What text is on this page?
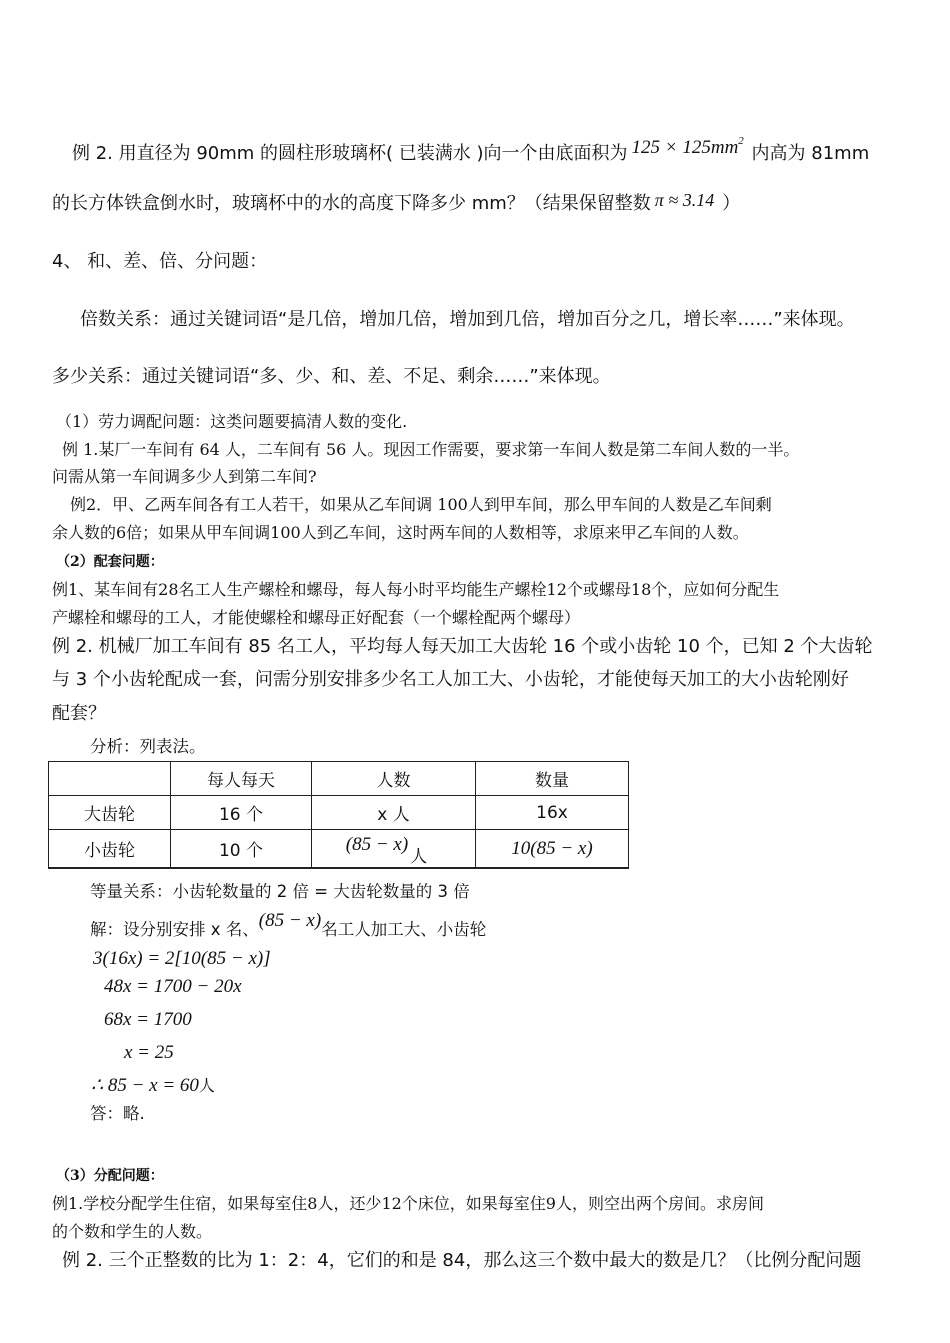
例 2. 用直径为 90mm 的圆柱形玻璃杯( 已装满水 )向一个由底面积为 $125 \times 125mm^2$ 内高为 81mm
的长方体铁盒倒水时，玻璃杯中的水的高度下降多少 mm？（结果保留整数 π ≈ 3.14 ）
4、 和、差、倍、分问题：
倍数关系：通过关键词语“是几倍，增加几倍，增加到几倍，增加百分之几，增长率……”来体现。
多少关系：通过关键词语“多、少、和、差、不足、剩余……”来体现。
（1）劳力调配问题：这类问题要搞清人数的变化.
例 1.某厂一车间有 64 人，二车间有 56 人。现因工作需要，要求第一车间人数是第二车间人数的一半。
问需从第一车间调多少人到第二车间?
例2．甲、乙两车间各有工人若干，如果从乙车间调 100人到甲车间，那么甲车间的人数是乙车间剩
余人数的6倍；如果从甲车间调100人到乙车间，这时两车间的人数相等，求原来甲乙车间的人数。
（2）配套问题：
例1、某车间有28名工人生产螺栓和螺母，每人每小时平均能生产螺栓12个或螺母18个，应如何分配生
产螺栓和螺母的工人，才能使螺栓和螺母正好配套（一个螺栓配两个螺母）
例 2. 机械厂加工车间有 85 名工人，平均每人每天加工大齿轮 16 个或小齿轮 10 个，已知 2 个大齿轮
与 3 个小齿轮配成一套，问需分别安排多少名工人加工大、小齿轮，才能使每天加工的大小齿轮刚好
配套？
分析：列表法。
	每人每天	人数	数量
大齿轮	16 个	x 人	16x
小齿轮	10 个	(85 − x)人	10(85 − x)
等量关系：小齿轮数量的 2 倍 = 大齿轮数量的 3 倍
解：设分别安排 x 名、(85 − x)名工人加工大、小齿轮
3(16x) = 2[10(85 − x)]
48x = 1700 − 20x
68x = 1700
x = 25
∴ 85 − x = 60人
答：略.
（3）分配问题：
例1.学校分配学生住宿，如果每室住8人，还少12个床位，如果每室住9人，则空出两个房间。求房间
的个数和学生的人数。
例 2. 三个正整数的比为 1：2：4，它们的和是 84，那么这三个数中最大的数是几？（比例分配问题
